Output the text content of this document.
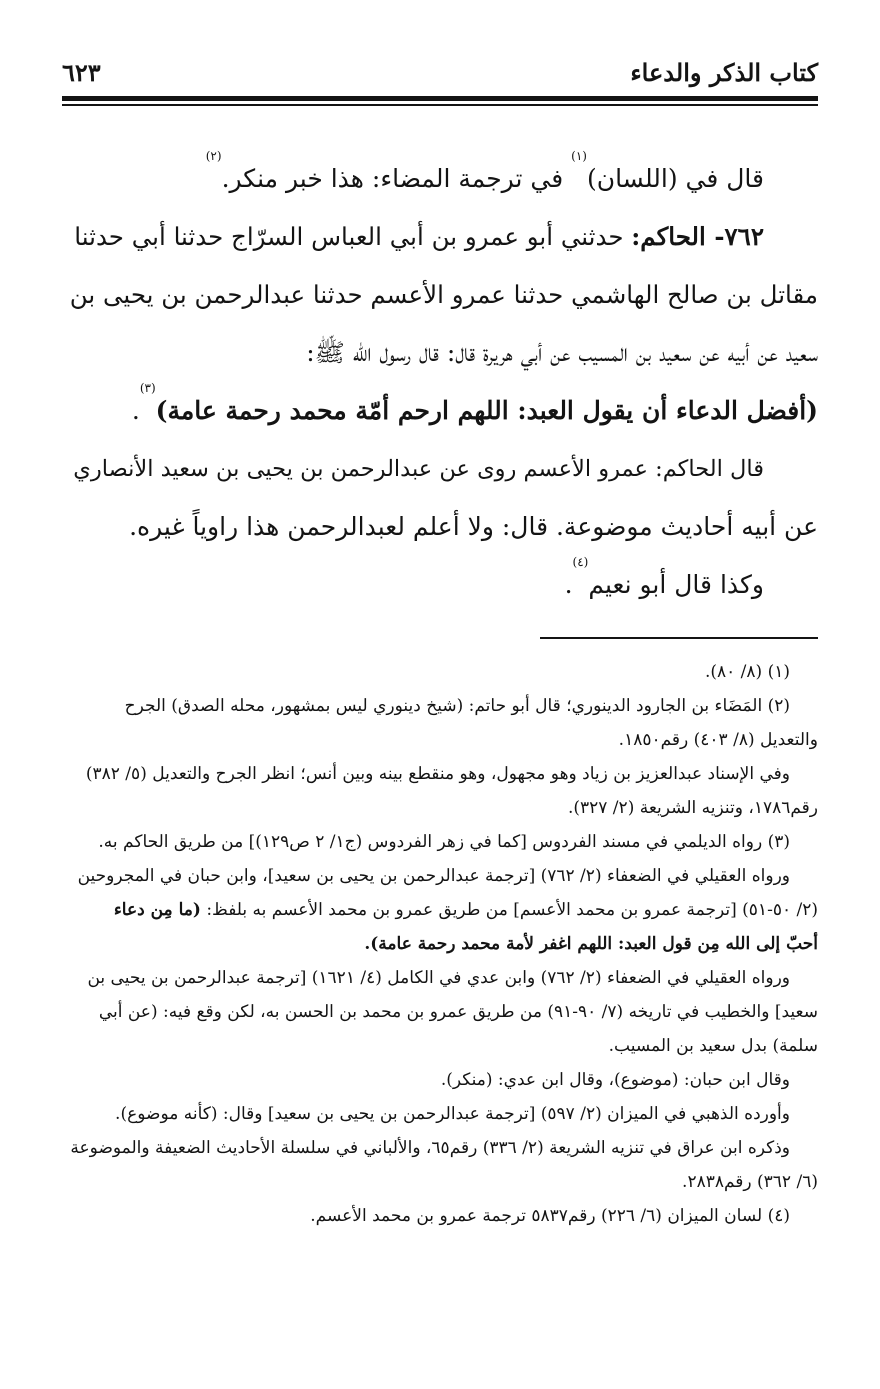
كتاب الذكر والدعاء
٦٢٣

قال في (اللسان)$^{(١)}$ في ترجمة المضاء: هذا خبر منكر.$^{(٢)}$

٧٦٢- الحاكم: حدثني أبو عمرو بن أبي العباس السرّاج حدثنا أبي حدثنا

مقاتل بن صالح الهاشمي حدثنا عمرو الأعسم حدثنا عبدالرحمن بن يحيى بن

سعيد عن أبيه عن سعيد بن المسيب عن أبي هريرة قال: قال رسول الله ﷺ:

(أفضل الدعاء أن يقول العبد: اللهم ارحم أمّة محمد رحمة عامة)$^{(٣)}$.

قال الحاكم: عمرو الأعسم روى عن عبدالرحمن بن يحيى بن سعيد الأنصاري

عن أبيه أحاديث موضوعة. قال: ولا أعلم لعبدالرحمن هذا راوياً غيره.

وكذا قال أبو نعيم$^{(٤)}$.

(١) (٨/ ٨٠).

(٢) المَضَاء بن الجارود الدينوري؛ قال أبو حاتم: (شيخ دينوري ليس بمشهور، محله الصدق) الجرح

والتعديل (٨/ ٤٠٣) رقم١٨٥٠.

وفي الإسناد عبدالعزيز بن زياد وهو مجهول، وهو منقطع بينه وبين أنس؛ انظر الجرح والتعديل (٥/ ٣٨٢)

رقم١٧٨٦، وتنزيه الشريعة (٢/ ٣٢٧).

(٣) رواه الديلمي في مسند الفردوس [كما في زهر الفردوس (ج١/ ٢ ص١٢٩)] من طريق الحاكم به.

ورواه العقيلي في الضعفاء (٢/ ٧٦٢) [ترجمة عبدالرحمن بن يحيى بن سعيد]، وابن حبان في المجروحين

(٢/ ٥٠-٥١) [ترجمة عمرو بن محمد الأعسم] من طريق عمرو بن محمد الأعسم به بلفظ: (ما مِن دعاء

أحبّ إلى الله مِن قول العبد: اللهم اغفر لأمة محمد رحمة عامة).

ورواه العقيلي في الضعفاء (٢/ ٧٦٢) وابن عدي في الكامل (٤/ ١٦٢١) [ترجمة عبدالرحمن بن يحيى بن

سعيد] والخطيب في تاريخه (٧/ ٩٠-٩١) من طريق عمرو بن محمد بن الحسن به، لكن وقع فيه: (عن أبي

سلمة) بدل سعيد بن المسيب.

وقال ابن حبان: (موضوع)، وقال ابن عدي: (منكر).

وأورده الذهبي في الميزان (٢/ ٥٩٧) [ترجمة عبدالرحمن بن يحيى بن سعيد] وقال: (كأنه موضوع).

وذكره ابن عراق في تنزيه الشريعة (٢/ ٣٣٦) رقم٦٥، والألباني في سلسلة الأحاديث الضعيفة والموضوعة

(٦/ ٣٦٢) رقم٢٨٣٨.

(٤) لسان الميزان (٦/ ٢٢٦) رقم٥٨٣٧ ترجمة عمرو بن محمد الأعسم.
